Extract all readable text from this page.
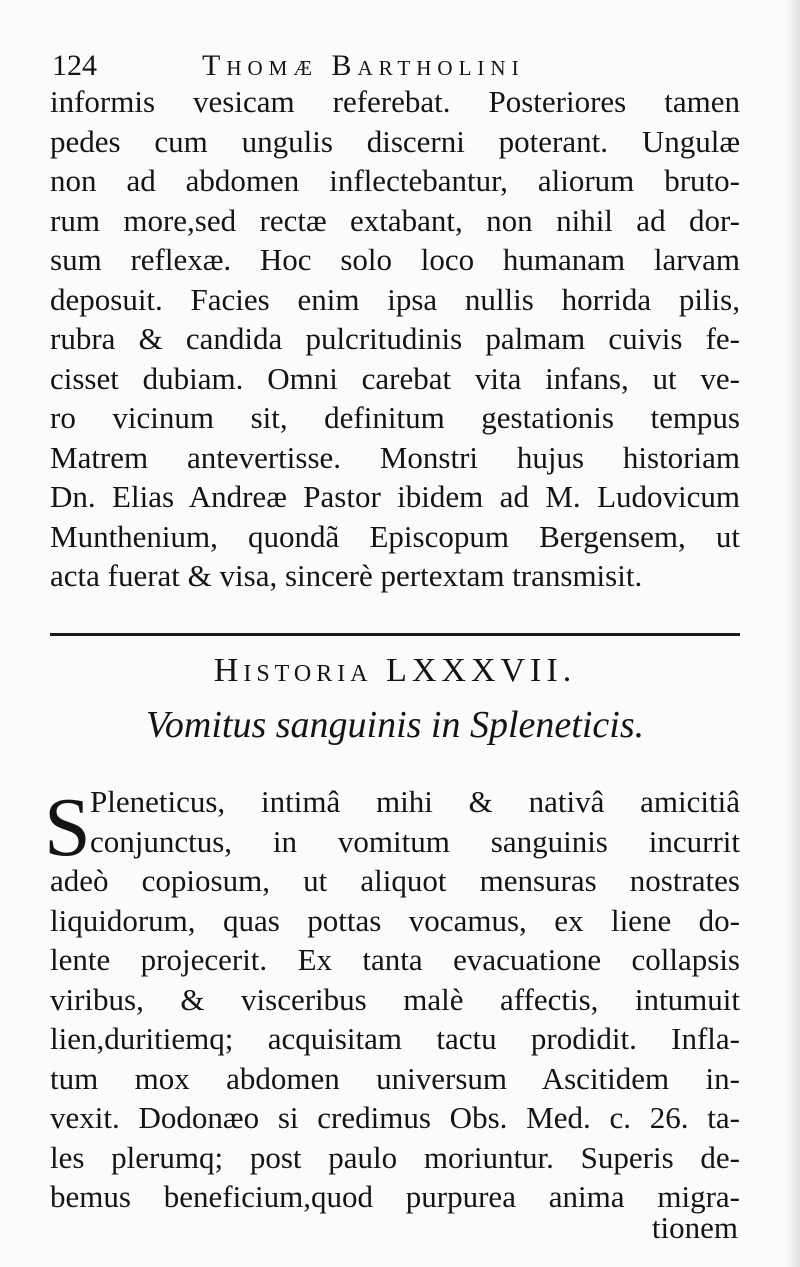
124	Thomæ Bartholini
informis vesicam referebat. Posteriores tamen
pedes cum ungulis discerni poterant. Ungulæ
non ad abdomen inflectebantur, aliorum bruto-
rum more,sed rectæ extabant, non nihil ad dor-
sum reflexæ. Hoc solo loco humanam larvam
deposuit. Facies enim ipsa nullis horrida pilis,
rubra & candida pulcritudinis palmam cuivis fe-
cisset dubiam. Omni carebat vita infans, ut ve-
ro vicinum sit, definitum gestationis tempus
Matrem antevertisse. Monstri hujus historiam
Dn. Elias Andreæ Pastor ibidem ad M. Ludovicum
Munthenium, quondã Episcopum Bergensem, ut
acta fuerat & visa, sincerè pertextam transmisit.
Historia LXXXVII.
Vomitus sanguinis in Spleneticis.
S Pleneticus, intimâ mihi & nativâ amicitiâ
conjunctus, in vomitum sanguinis incurrit
adeò copiosum, ut aliquot mensuras nostrates
liquidorum, quas pottas vocamus, ex liene do-
lente projecerit. Ex tanta evacuatione collapsis
viribus, & visceribus malè affectis, intumuit
lien,duritiemq; acquisitam tactu prodidit. Infla-
tum mox abdomen universum Ascitidem in-
vexit. Dodonæo si credimus Obs. Med. c. 26. ta-
les plerumq; post paulo moriuntur. Superis de-
bemus beneficium,quod purpurea anima migra-
tionem
